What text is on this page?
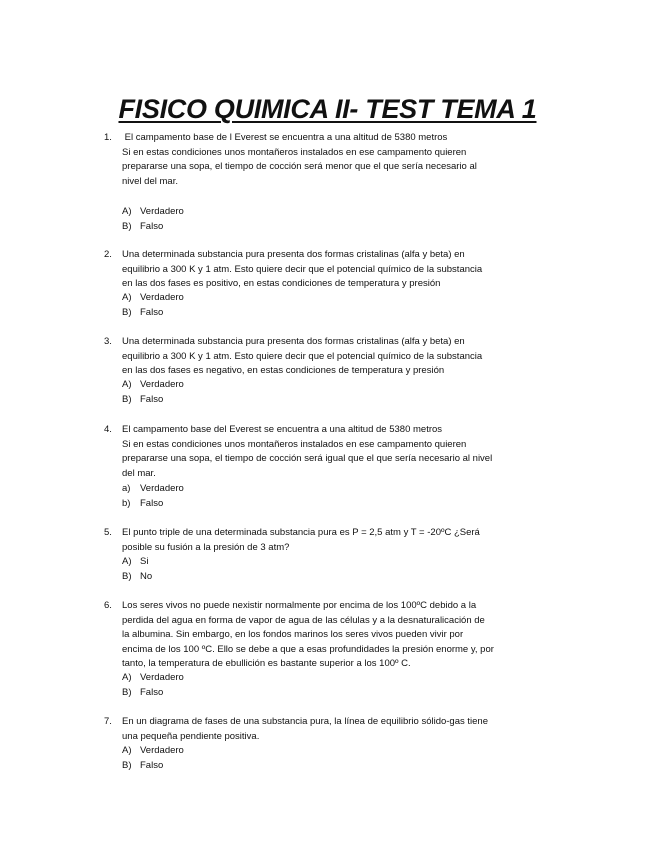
FISICO QUIMICA II- TEST TEMA 1
1. El campamento base de l Everest se encuentra a una altitud de 5380 metros
Si en estas condiciones unos montañeros instalados en ese campamento quieren
prepararse una sopa, el tiempo de cocción será menor que el que sería necesario al
nivel del mar.

A) Verdadero
B) Falso
2. Una determinada substancia pura presenta dos formas cristalinas (alfa y beta) en
equilibrio a 300 K y 1 atm. Esto quiere decir que el potencial químico de la substancia
en las dos fases es positivo, en estas condiciones de temperatura y presión

A) Verdadero
B) Falso
3. Una determinada substancia pura presenta dos formas cristalinas (alfa y beta) en
equilibrio a 300 K y 1 atm. Esto quiere decir que el potencial químico de la substancia
en las dos fases es negativo, en estas condiciones de temperatura y presión

A) Verdadero
B) Falso
4. El campamento base del Everest se encuentra a una altitud de 5380 metros
Si en estas condiciones unos montañeros instalados en ese campamento quieren
prepararse una sopa, el tiempo de cocción será igual que el que sería necesario al nivel
del mar.

a) Verdadero
b) Falso
5. El punto triple de una determinada substancia pura es P = 2,5 atm y T = -20ºC ¿Será
posible su fusión a la presión de 3 atm?

A) Si
B) No
6. Los seres vivos no puede nexistir normalmente por encima de los 100ºC debido a la
perdida del agua en forma de vapor de agua de las células y a la desnaturalicación de
la albumina. Sin embargo, en los fondos marinos los seres vivos pueden vivir por
encima de los 100 ºC. Ello se debe a que a esas profundidades la presión enorme y, por
tanto, la temperatura de ebullición es bastante superior a los 100º C.

A) Verdadero
B) Falso
7. En un diagrama de fases de una substancia pura, la línea de equilibrio sólido-gas tiene
una pequeña pendiente positiva.

A) Verdadero
B) Falso
